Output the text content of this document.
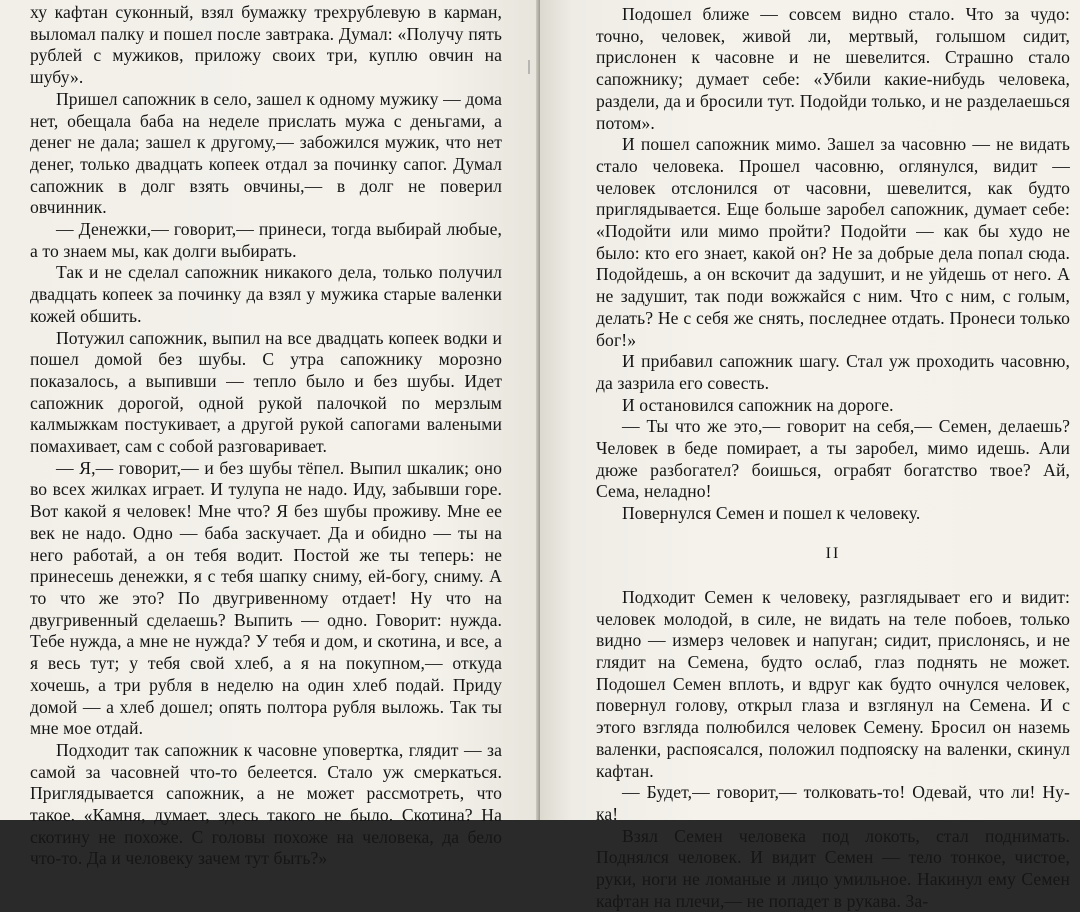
ху кафтан суконный, взял бумажку трехрублевую в карман, выломал палку и пошел после завтрака. Думал: «Получу пять рублей с мужиков, приложу своих три, куплю овчин на шубу».

Пришел сапожник в село, зашел к одному мужику — дома нет, обещала баба на неделе прислать мужа с деньгами, а денег не дала; зашел к другому,— забожился мужик, что нет денег, только двадцать копеек отдал за починку сапог. Думал сапожник в долг взять овчины,— в долг не поверил овчинник.

— Денежки,— говорит,— принеси, тогда выбирай любые, а то знаем мы, как долги выбирать.

Так и не сделал сапожник никакого дела, только получил двадцать копеек за починку да взял у мужика старые валенки кожей обшить.

Потужил сапожник, выпил на все двадцать копеек водки и пошел домой без шубы. С утра сапожнику морозно показалось, а выпивши — тепло было и без шубы. Идет сапожник дорогой, одной рукой палочкой по мерзлым калмыжкам постукивает, а другой рукой сапогами валеными помахивает, сам с собой разговаривает.

— Я,— говорит,— и без шубы тёпел. Выпил шкалик; оно во всех жилках играет. И тулупа не надо. Иду, забывши горе. Вот какой я человек! Мне что? Я без шубы проживу. Мне ее век не надо. Одно — баба заскучает. Да и обидно — ты на него работай, а он тебя водит. Постой же ты теперь: не принесешь денежки, я с тебя шапку сниму, ей-богу, сниму. А то что же это? По двугривенному отдает! Ну что на двугривенный сделаешь? Выпить — одно. Говорит: нужда. Тебе нужда, а мне не нужда? У тебя и дом, и скотина, и все, а я весь тут; у тебя свой хлеб, а я на покупном,— откуда хочешь, а три рубля в неделю на один хлеб подай. Приду домой — а хлеб дошел; опять полтора рубля выложь. Так ты мне мое отдай.

Подходит так сапожник к часовне уповертка, глядит — за самой за часовней что-то белеется. Стало уж смеркаться. Приглядывается сапожник, а не может рассмотреть, что такое. «Камня, думает, здесь такого не было. Скотина? На скотину не похоже. С головы похоже на человека, да бело что-то. Да и человеку зачем тут быть?»

Подошел ближе — совсем видно стало. Что за чудо: точно, человек, живой ли, мертвый, голышом сидит, прислонен к часовне и не шевелится. Страшно стало сапожнику; думает себе: «Убили какие-нибудь человека, раздели, да и бросили тут. Подойди только, и не разделаешься потом».

И пошел сапожник мимо. Зашел за часовню — не видать стало человека. Прошел часовню, оглянулся, видит — человек отслонился от часовни, шевелится, как будто приглядывается. Еще больше заробел сапожник, думает себе: «Подойти или мимо пройти? Подойти — как бы худо не было: кто его знает, какой он? Не за добрые дела попал сюда. Подойдешь, а он вскочит да задушит, и не уйдешь от него. А не задушит, так поди вожжайся с ним. Что с ним, с голым, делать? Не с себя же снять, последнее отдать. Пронеси только бог!»

И прибавил сапожник шагу. Стал уж проходить часовню, да зазрила его совесть.

И остановился сапожник на дороге.

— Ты что же это,— говорит на себя,— Семен, делаешь? Человек в беде помирает, а ты заробел, мимо идешь. Али дюже разбогател? боишься, ограбят богатство твое? Ай, Сема, неладно!

Повернулся Семен и пошел к человеку.

II

Подходит Семен к человеку, разглядывает его и видит: человек молодой, в силе, не видать на теле побоев, только видно — измерз человек и напуган; сидит, прислонясь, и не глядит на Семена, будто ослаб, глаз поднять не может. Подошел Семен вплоть, и вдруг как будто очнулся человек, повернул голову, открыл глаза и взглянул на Семена. И с этого взгляда полюбился человек Семену. Бросил он наземь валенки, распоясался, положил подпояску на валенки, скинул кафтан.

— Будет,— говорит,— толковать-то! Одевай, что ли! Ну-ка!

Взял Семен человека под локоть, стал поднимать. Поднялся человек. И видит Семен — тело тонкое, чистое, руки, ноги не ломаные и лицо умильное. Накинул ему Семен кафтан на плечи,— не попадет в рукава. За-
